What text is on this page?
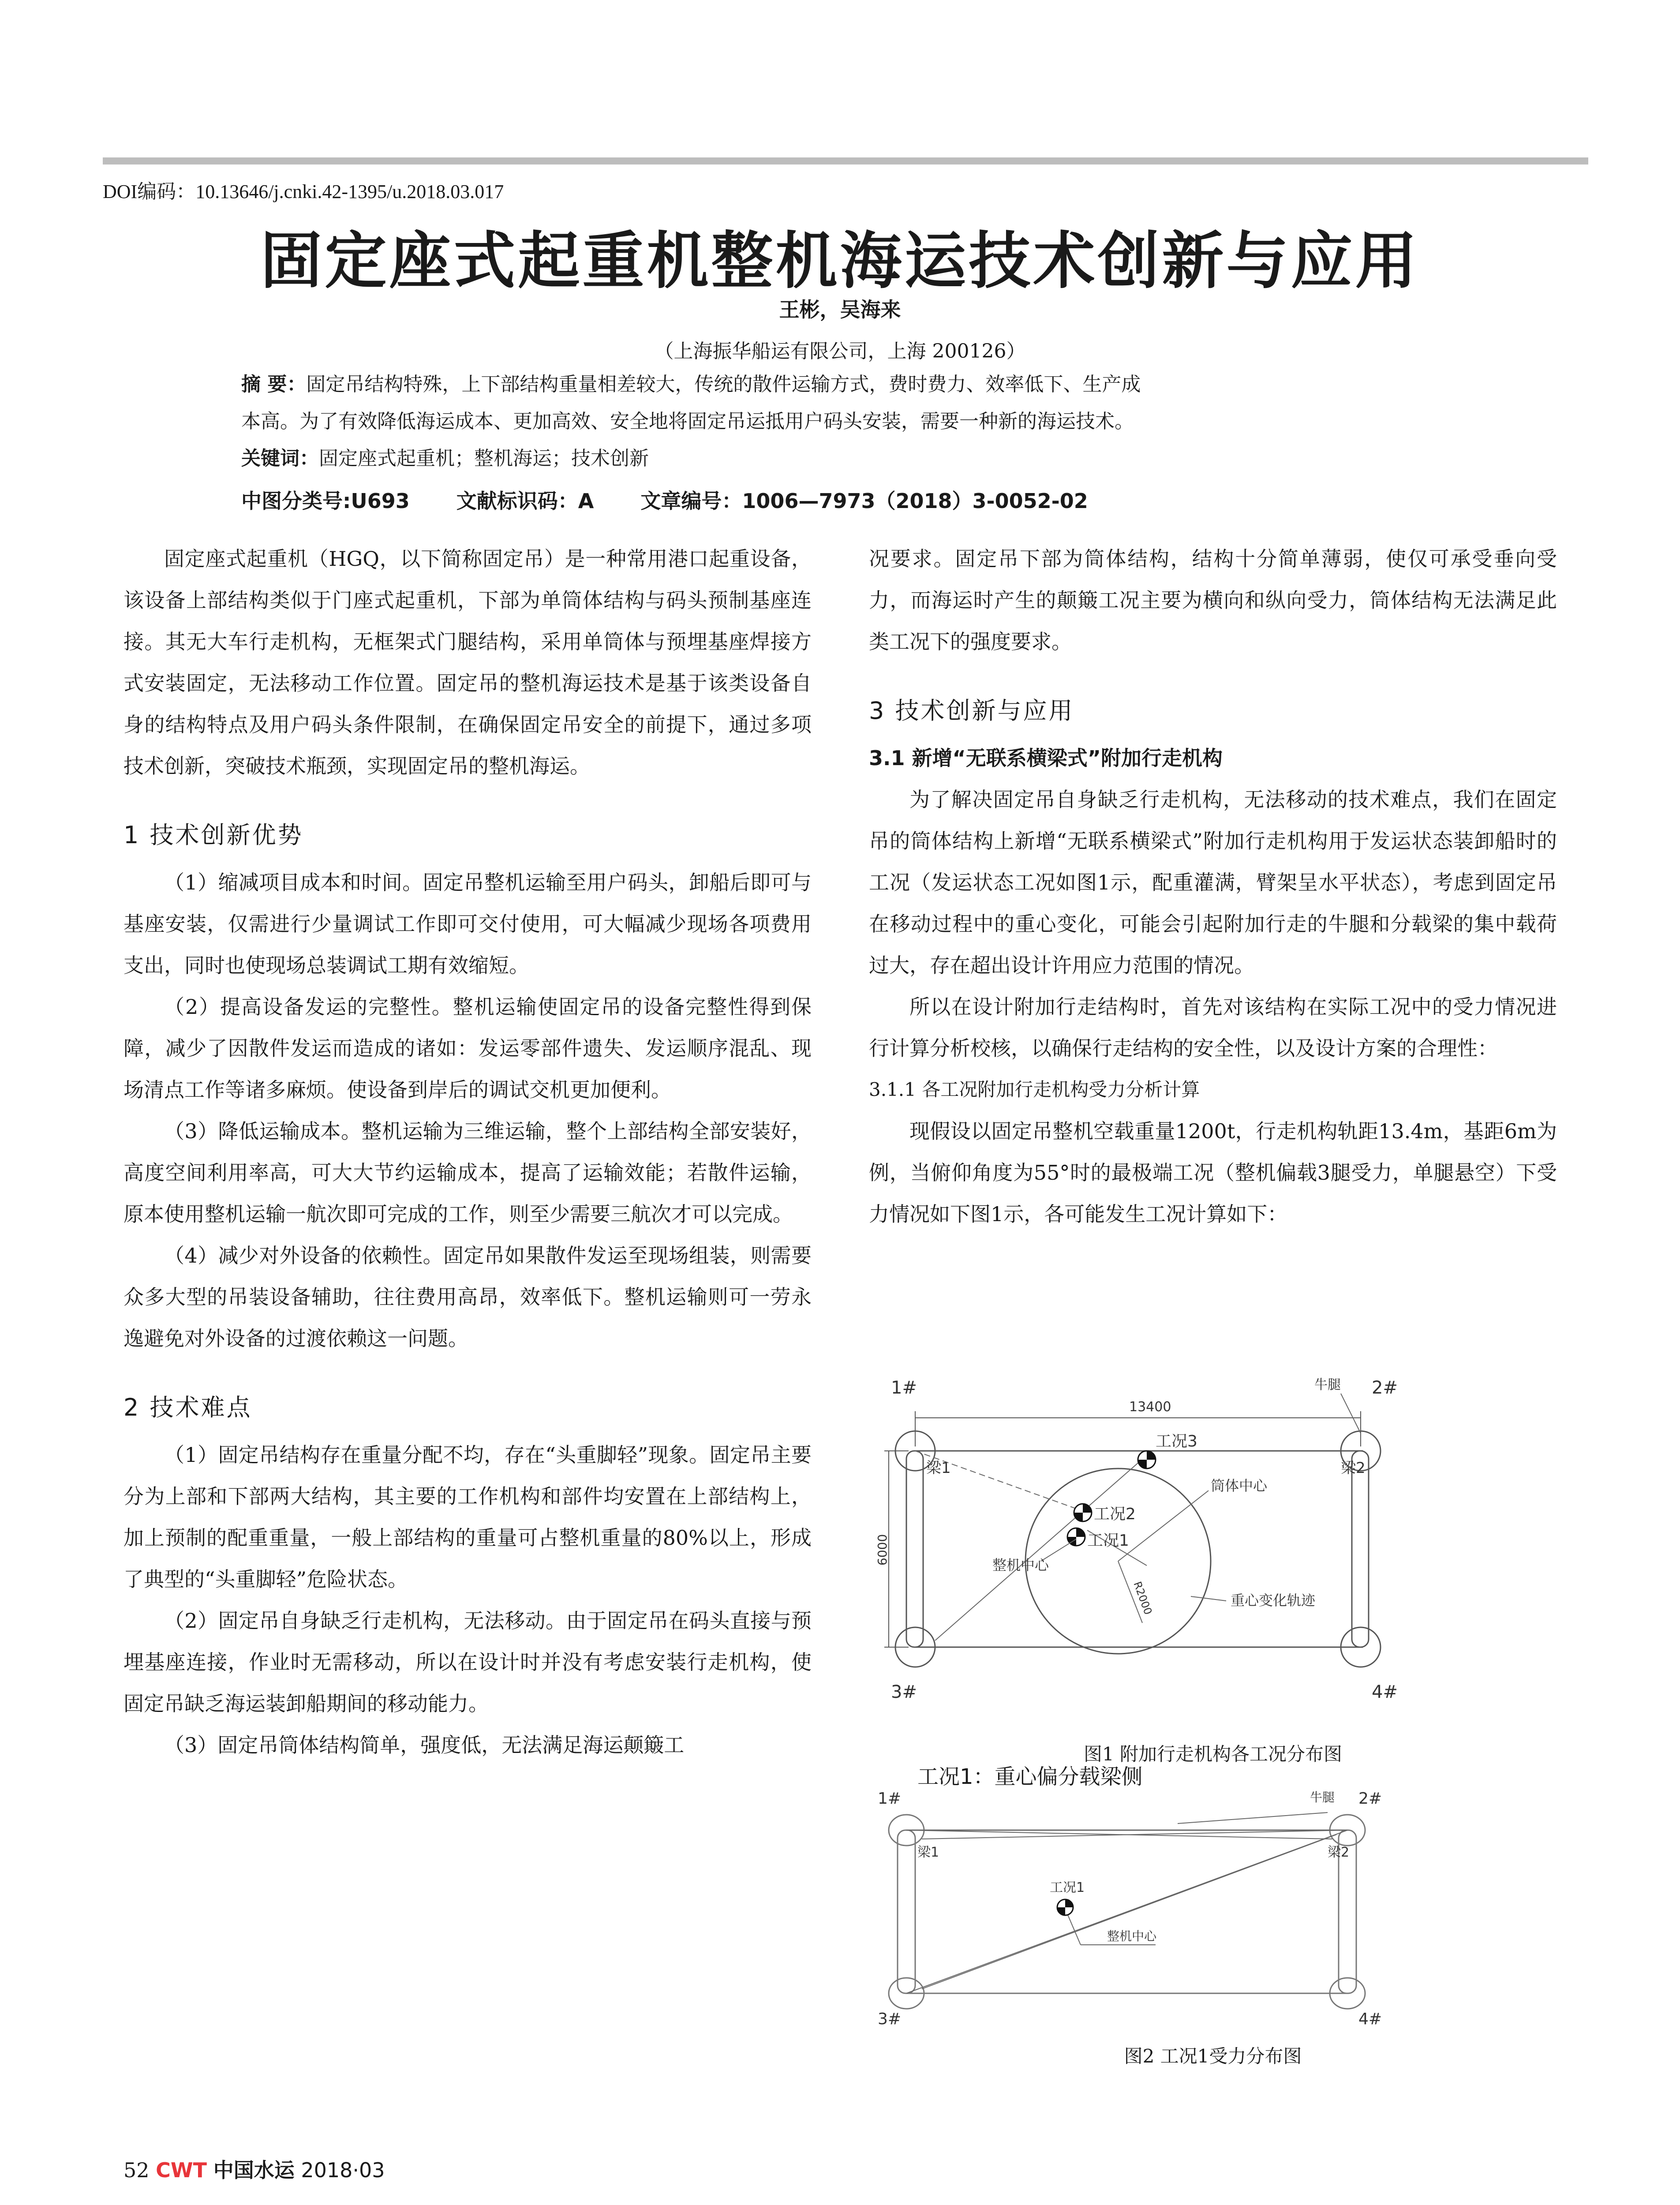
DOI编码：10.13646/j.cnki.42-1395/u.2018.03.017
固定座式起重机整机海运技术创新与应用
王彬，吴海来
（上海振华船运有限公司，上海 200126）
摘 要：固定吊结构特殊，上下部结构重量相差较大，传统的散件运输方式，费时费力、效率低下、生产成
本高。为了有效降低海运成本、更加高效、安全地将固定吊运抵用户码头安装，需要一种新的海运技术。
关键词：固定座式起重机；整机海运；技术创新
中图分类号:U693 文献标识码：A 文章编号：1006—7973（2018）3-0052-02

固定座式起重机（HGQ，以下简称固定吊）是一种常用港口起重设备，该设备上部结构类似于门座式起重机，下部为单筒体结构与码头预制基座连接。其无大车行走机构，无框架式门腿结构，采用单筒体与预埋基座焊接方式安装固定，无法移动工作位置。固定吊的整机海运技术是基于该类设备自身的结构特点及用户码头条件限制，在确保固定吊安全的前提下，通过多项技术创新，突破技术瓶颈，实现固定吊的整机海运。

1 技术创新优势

（1）缩减项目成本和时间。固定吊整机运输至用户码头，卸船后即可与基座安装，仅需进行少量调试工作即可交付使用，可大幅减少现场各项费用支出，同时也使现场总装调试工期有效缩短。

（2）提高设备发运的完整性。整机运输使固定吊的设备完整性得到保障，减少了因散件发运而造成的诸如：发运零部件遗失、发运顺序混乱、现场清点工作等诸多麻烦。使设备到岸后的调试交机更加便利。

（3）降低运输成本。整机运输为三维运输，整个上部结构全部安装好，高度空间利用率高，可大大节约运输成本，提高了运输效能；若散件运输，原本使用整机运输一航次即可完成的工作，则至少需要三航次才可以完成。

（4）减少对外设备的依赖性。固定吊如果散件发运至现场组装，则需要众多大型的吊装设备辅助，往往费用高昂，效率低下。整机运输则可一劳永逸避免对外设备的过渡依赖这一问题。

2 技术难点

（1）固定吊结构存在重量分配不均，存在“头重脚轻”现象。固定吊主要分为上部和下部两大结构，其主要的工作机构和部件均安置在上部结构上，加上预制的配重重量，一般上部结构的重量可占整机重量的80%以上，形成了典型的“头重脚轻”危险状态。

（2）固定吊自身缺乏行走机构，无法移动。由于固定吊在码头直接与预埋基座连接，作业时无需移动，所以在设计时并没有考虑安装行走机构，使固定吊缺乏海运装卸船期间的移动能力。

（3）固定吊筒体结构简单，强度低，无法满足海运颠簸工

况要求。固定吊下部为筒体结构，结构十分简单薄弱，使仅可承受垂向受力，而海运时产生的颠簸工况主要为横向和纵向受力，筒体结构无法满足此类工况下的强度要求。

3 技术创新与应用
3.1 新增“无联系横梁式”附加行走机构

为了解决固定吊自身缺乏行走机构，无法移动的技术难点，我们在固定吊的筒体结构上新增“无联系横梁式”附加行走机构用于发运状态装卸船时的工况（发运状态工况如图1示，配重灌满，臂架呈水平状态），考虑到固定吊在移动过程中的重心变化，可能会引起附加行走的牛腿和分载梁的集中载荷过大，存在超出设计许用应力范围的情况。

所以在设计附加行走结构时，首先对该结构在实际工况中的受力情况进行计算分析校核，以确保行走结构的安全性，以及设计方案的合理性：

3.1.1 各工况附加行走机构受力分析计算

现假设以固定吊整机空载重量1200t，行走机构轨距13.4m，基距6m为例，当俯仰角度为55°时的最极端工况（整机偏载3腿受力，单腿悬空）下受力情况如下图1示，各可能发生工况计算如下：

1#	2#
3#	4#
13400
牛腿
梁1	梁2
工况3
工况2
工况1
筒体中心
整机中心
重心变化轨迹
6000
R2000
图1 附加行走机构各工况分布图
工况1：重心偏分载梁侧
1#	2#
3#	4#
牛腿
梁1	梁2
工况1
整机中心
图2 工况1受力分布图
52 CWT 中国水运 2018·03
